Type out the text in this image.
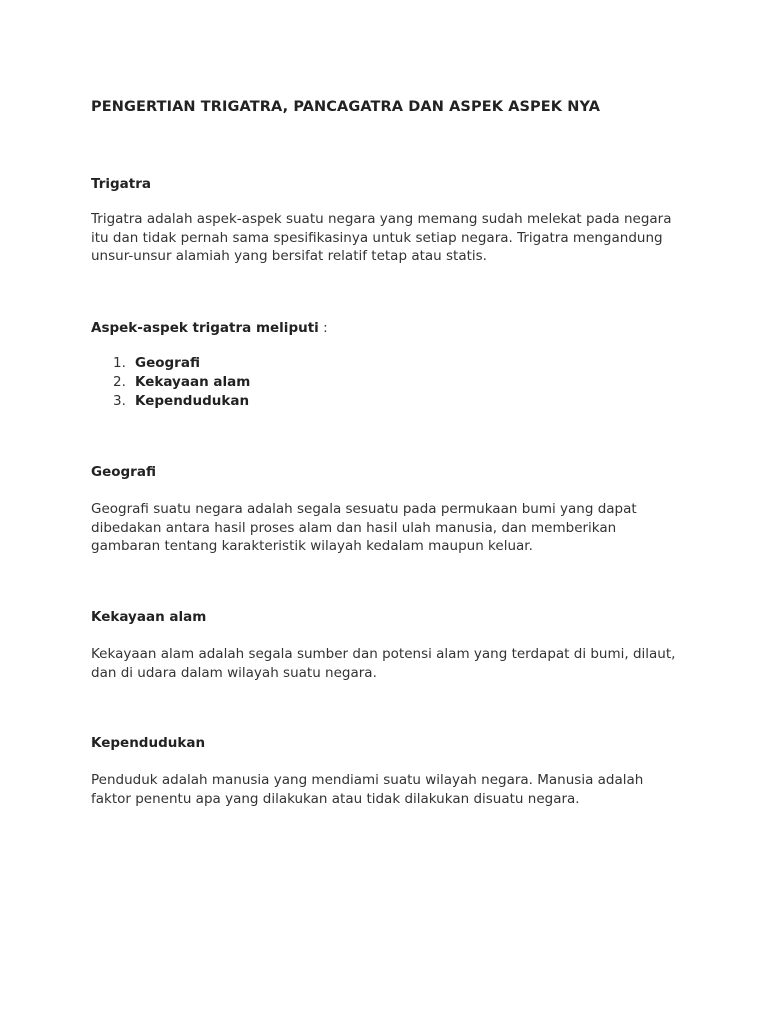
PENGERTIAN TRIGATRA, PANCAGATRA DAN ASPEK ASPEK NYA
Trigatra

Trigatra adalah aspek-aspek suatu negara yang memang sudah melekat pada negara itu dan tidak pernah sama spesifikasinya untuk setiap negara. Trigatra mengandung unsur-unsur alamiah yang bersifat relatif tetap atau statis.

Aspek-aspek trigatra meliputi :
1. Geografi
2. Kekayaan alam
3. Kependudukan
Geografi

Geografi suatu negara adalah segala sesuatu pada permukaan bumi yang dapat dibedakan antara hasil proses alam dan hasil ulah manusia, dan memberikan gambaran tentang karakteristik wilayah kedalam maupun keluar.

Kekayaan alam

Kekayaan alam adalah segala sumber dan potensi alam yang terdapat di bumi, dilaut, dan di udara dalam wilayah suatu negara.

Kependudukan

Penduduk adalah manusia yang mendiami suatu wilayah negara. Manusia adalah faktor penentu apa yang dilakukan atau tidak dilakukan disuatu negara.
